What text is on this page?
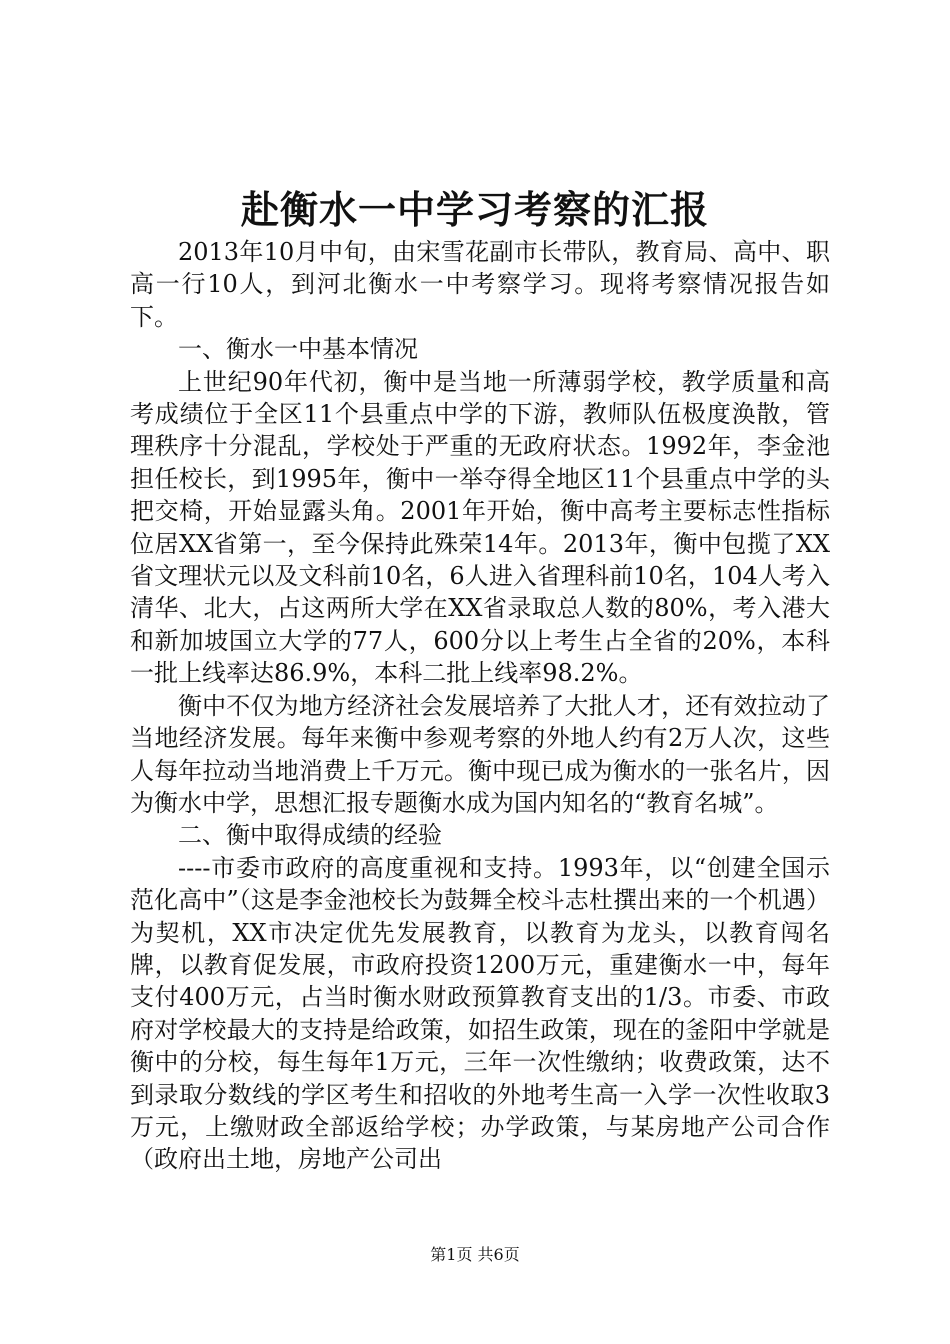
赴衡水一中学习考察的汇报

2013年10月中旬，由宋雪花副市长带队，教育局、高中、职高一行10人，到河北衡水一中考察学习。现将考察情况报告如下。

一、衡水一中基本情况

上世纪90年代初，衡中是当地一所薄弱学校，教学质量和高考成绩位于全区11个县重点中学的下游，教师队伍极度涣散，管理秩序十分混乱，学校处于严重的无政府状态。1992年，李金池担任校长，到1995年，衡中一举夺得全地区11个县重点中学的头把交椅，开始显露头角。2001年开始，衡中高考主要标志性指标位居XX省第一，至今保持此殊荣14年。2013年，衡中包揽了XX省文理状元以及文科前10名，6人进入省理科前10名，104人考入清华、北大，占这两所大学在XX省录取总人数的80%，考入港大和新加坡国立大学的77人，600分以上考生占全省的20%，本科一批上线率达86.9%，本科二批上线率98.2%。

衡中不仅为地方经济社会发展培养了大批人才，还有效拉动了当地经济发展。每年来衡中参观考察的外地人约有2万人次，这些人每年拉动当地消费上千万元。衡中现已成为衡水的一张名片，因为衡水中学，思想汇报专题衡水成为国内知名的“教育名城”。

二、衡中取得成绩的经验

----市委市政府的高度重视和支持。1993年，以“创建全国示范化高中”（这是李金池校长为鼓舞全校斗志杜撰出来的一个机遇）为契机，XX市决定优先发展教育，以教育为龙头，以教育闯名牌，以教育促发展，市政府投资1200万元，重建衡水一中，每年支付400万元，占当时衡水财政预算教育支出的1/3。市委、市政府对学校最大的支持是给政策，如招生政策，现在的釜阳中学就是衡中的分校，每生每年1万元，三年一次性缴纳；收费政策，达不到录取分数线的学区考生和招收的外地考生高一入学一次性收取3万元，上缴财政全部返给学校；办学政策，与某房地产公司合作（政府出土地，房地产公司出

第1页 共6页
